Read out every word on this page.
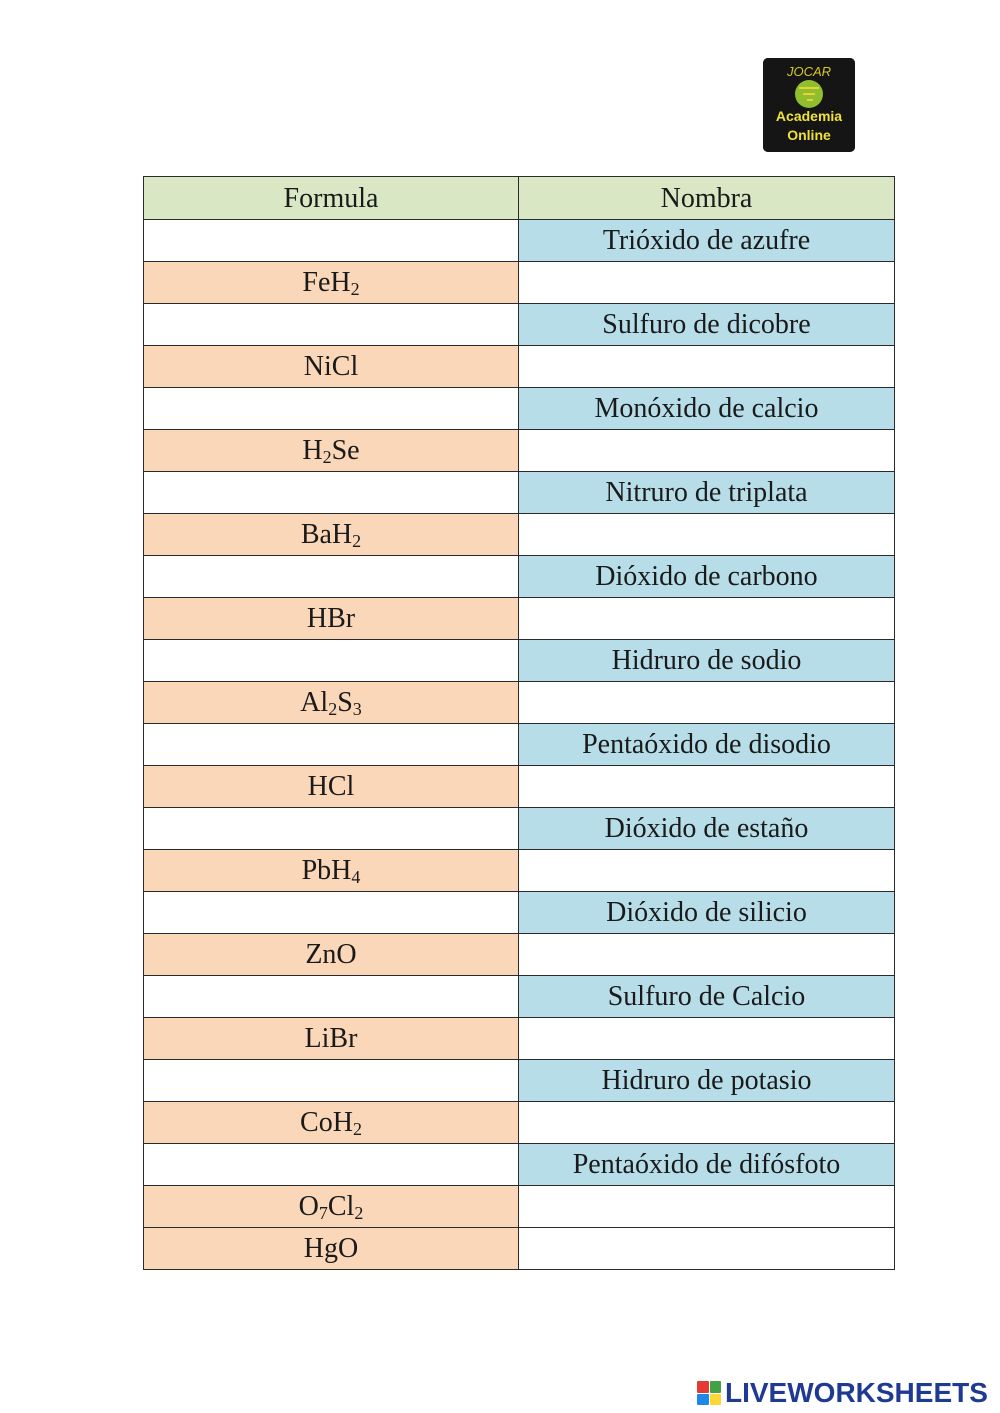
JOCAR
Academia
Online
Formula	Nombra
	Trióxido de azufre
FeH$_2$	
	Sulfuro de dicobre
NiCl	
	Monóxido de calcio
$H_2Se$	
	Nitruro de triplata
BaH$_2$	
	Dióxido de carbono
HBr	
	Hidruro de sodio
$Al_2S_3$	
	Pentaóxido de disodio
HCl	
	Dióxido de estaño
PbH$_4$	
	Dióxido de silicio
ZnO	
	Sulfuro de Calcio
LiBr	
	Hidruro de potasio
CoH$_2$	
	Pentaóxido de difósfoto
$O_7Cl_2$	
HgO	
LIVEWORKSHEETS
